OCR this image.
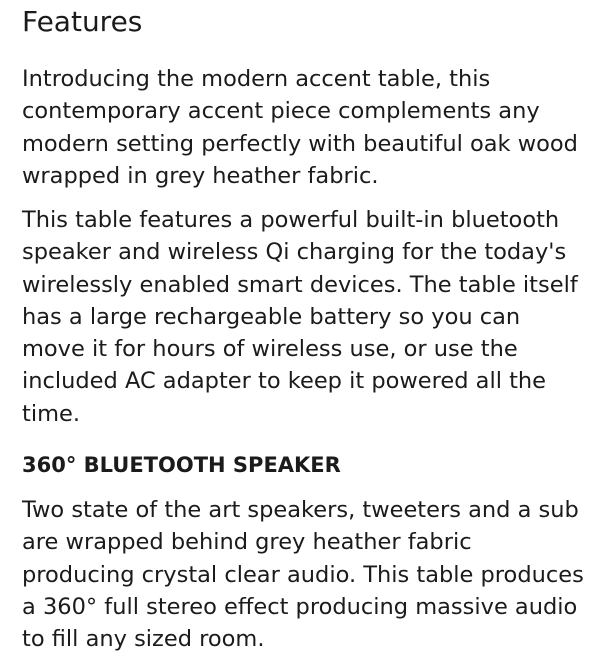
Features

Introducing the modern accent table, this contemporary accent piece complements any modern setting perfectly with beautiful oak wood wrapped in grey heather fabric.

This table features a powerful built-in bluetooth speaker and wireless Qi charging for the today's wirelessly enabled smart devices. The table itself has a large rechargeable battery so you can move it for hours of wireless use, or use the included AC adapter to keep it powered all the time.

360° BLUETOOTH SPEAKER

Two state of the art speakers, tweeters and a sub are wrapped behind grey heather fabric producing crystal clear audio. This table produces a 360° full stereo effect producing massive audio to fill any sized room.
